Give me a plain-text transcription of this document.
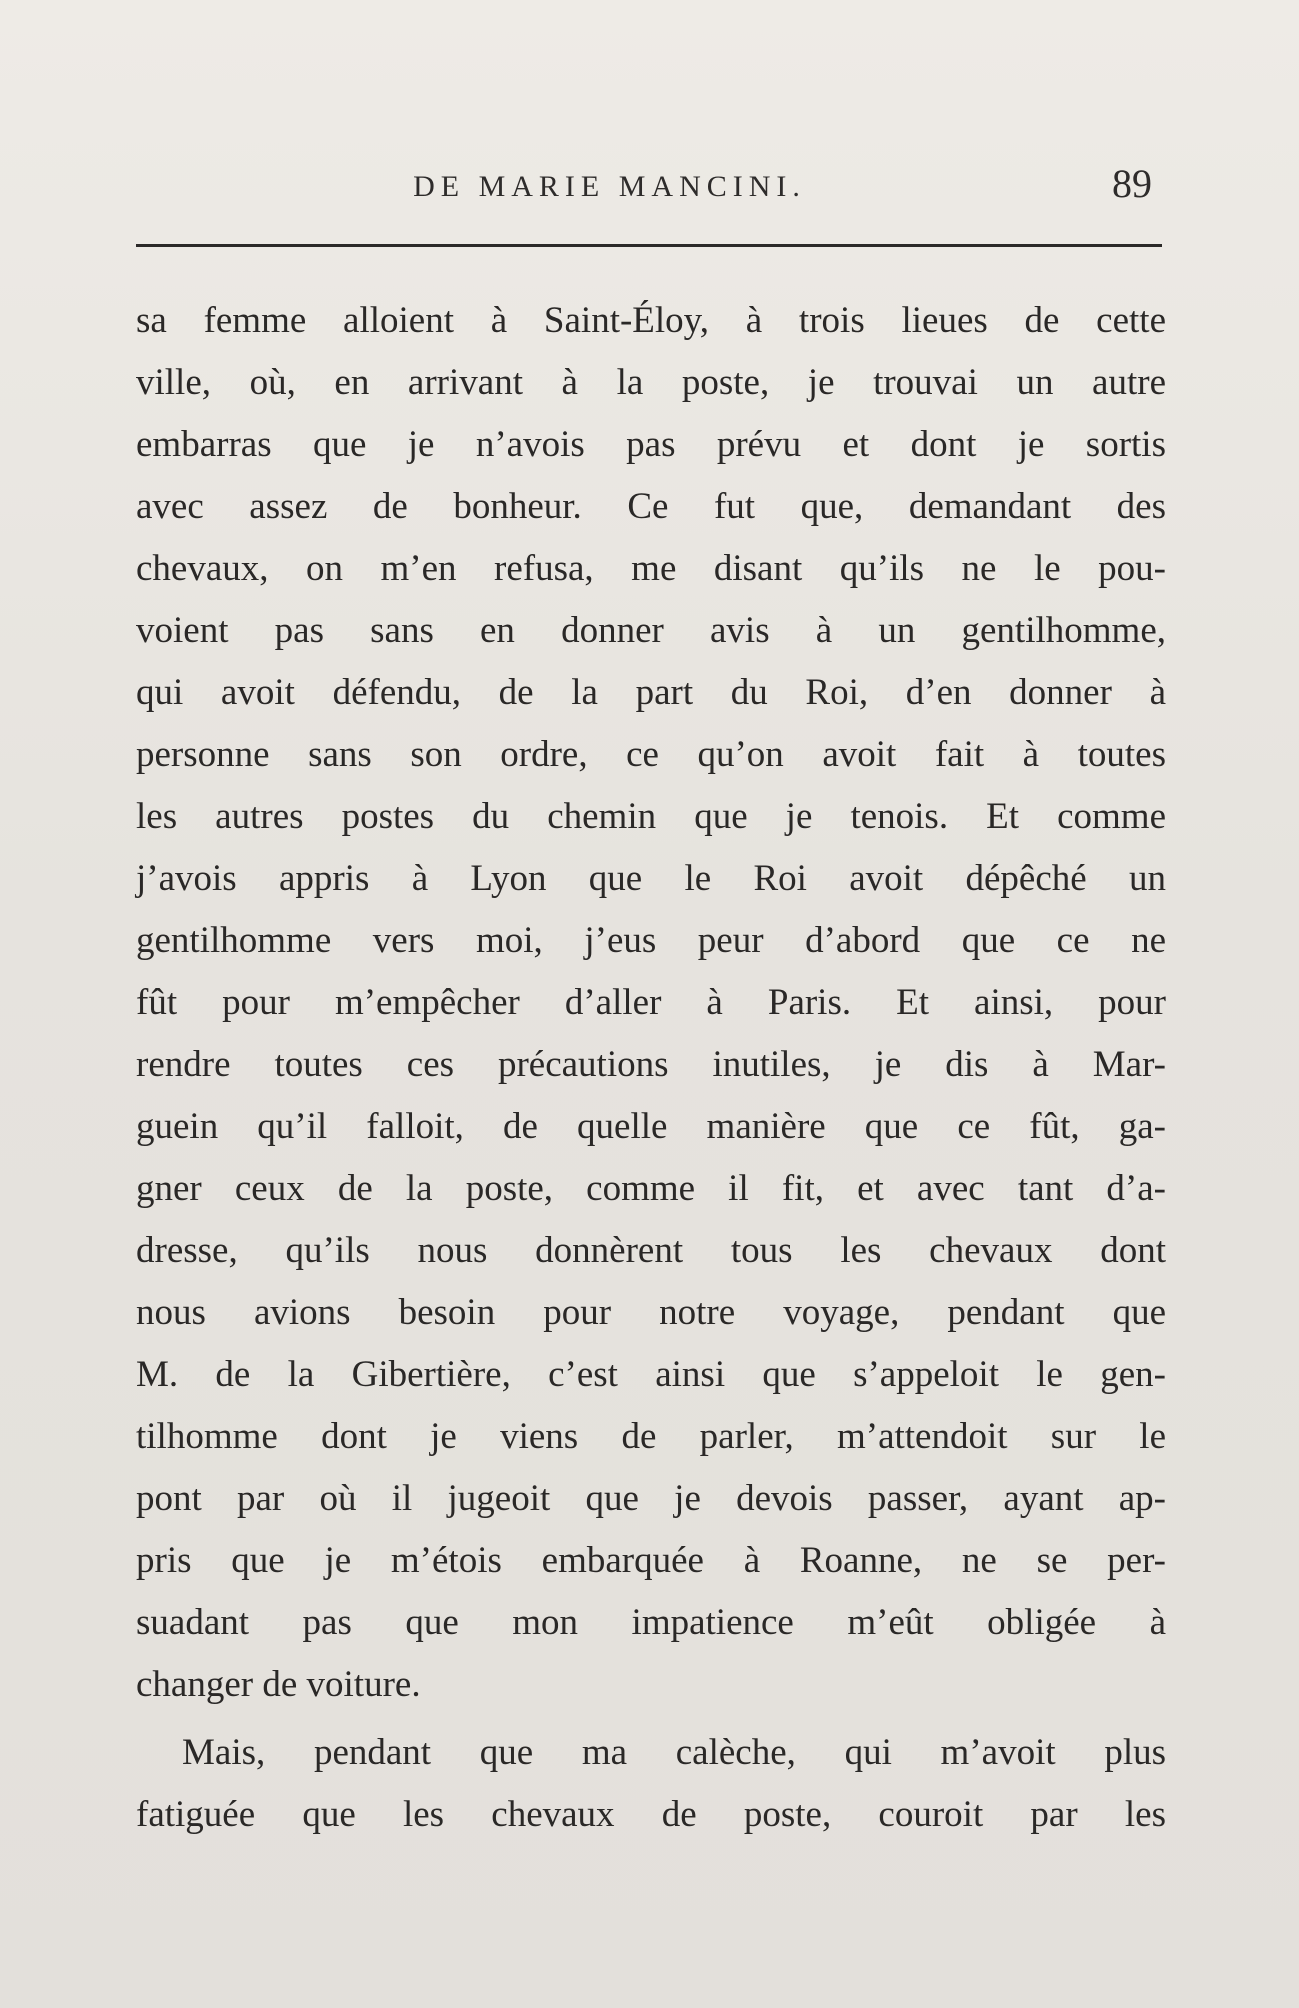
DE MARIE MANCINI.	89
sa femme alloient à Saint-Éloy, à trois lieues de cette
ville, où, en arrivant à la poste, je trouvai un autre
embarras que je n’avois pas prévu et dont je sortis
avec assez de bonheur. Ce fut que, demandant des
chevaux, on m’en refusa, me disant qu’ils ne le pou-
voient pas sans en donner avis à un gentilhomme,
qui avoit défendu, de la part du Roi, d’en donner à
personne sans son ordre, ce qu’on avoit fait à toutes
les autres postes du chemin que je tenois. Et comme
j’avois appris à Lyon que le Roi avoit dépêché un
gentilhomme vers moi, j’eus peur d’abord que ce ne
fût pour m’empêcher d’aller à Paris. Et ainsi, pour
rendre toutes ces précautions inutiles, je dis à Mar-
guein qu’il falloit, de quelle manière que ce fût, ga-
gner ceux de la poste, comme il fit, et avec tant d’a-
dresse, qu’ils nous donnèrent tous les chevaux dont
nous avions besoin pour notre voyage, pendant que
M. de la Gibertière, c’est ainsi que s’appeloit le gen-
tilhomme dont je viens de parler, m’attendoit sur le
pont par où il jugeoit que je devois passer, ayant ap-
pris que je m’étois embarquée à Roanne, ne se per-
suadant pas que mon impatience m’eût obligée à
changer de voiture.
Mais, pendant que ma calèche, qui m’avoit plus
fatiguée que les chevaux de poste, couroit par les
